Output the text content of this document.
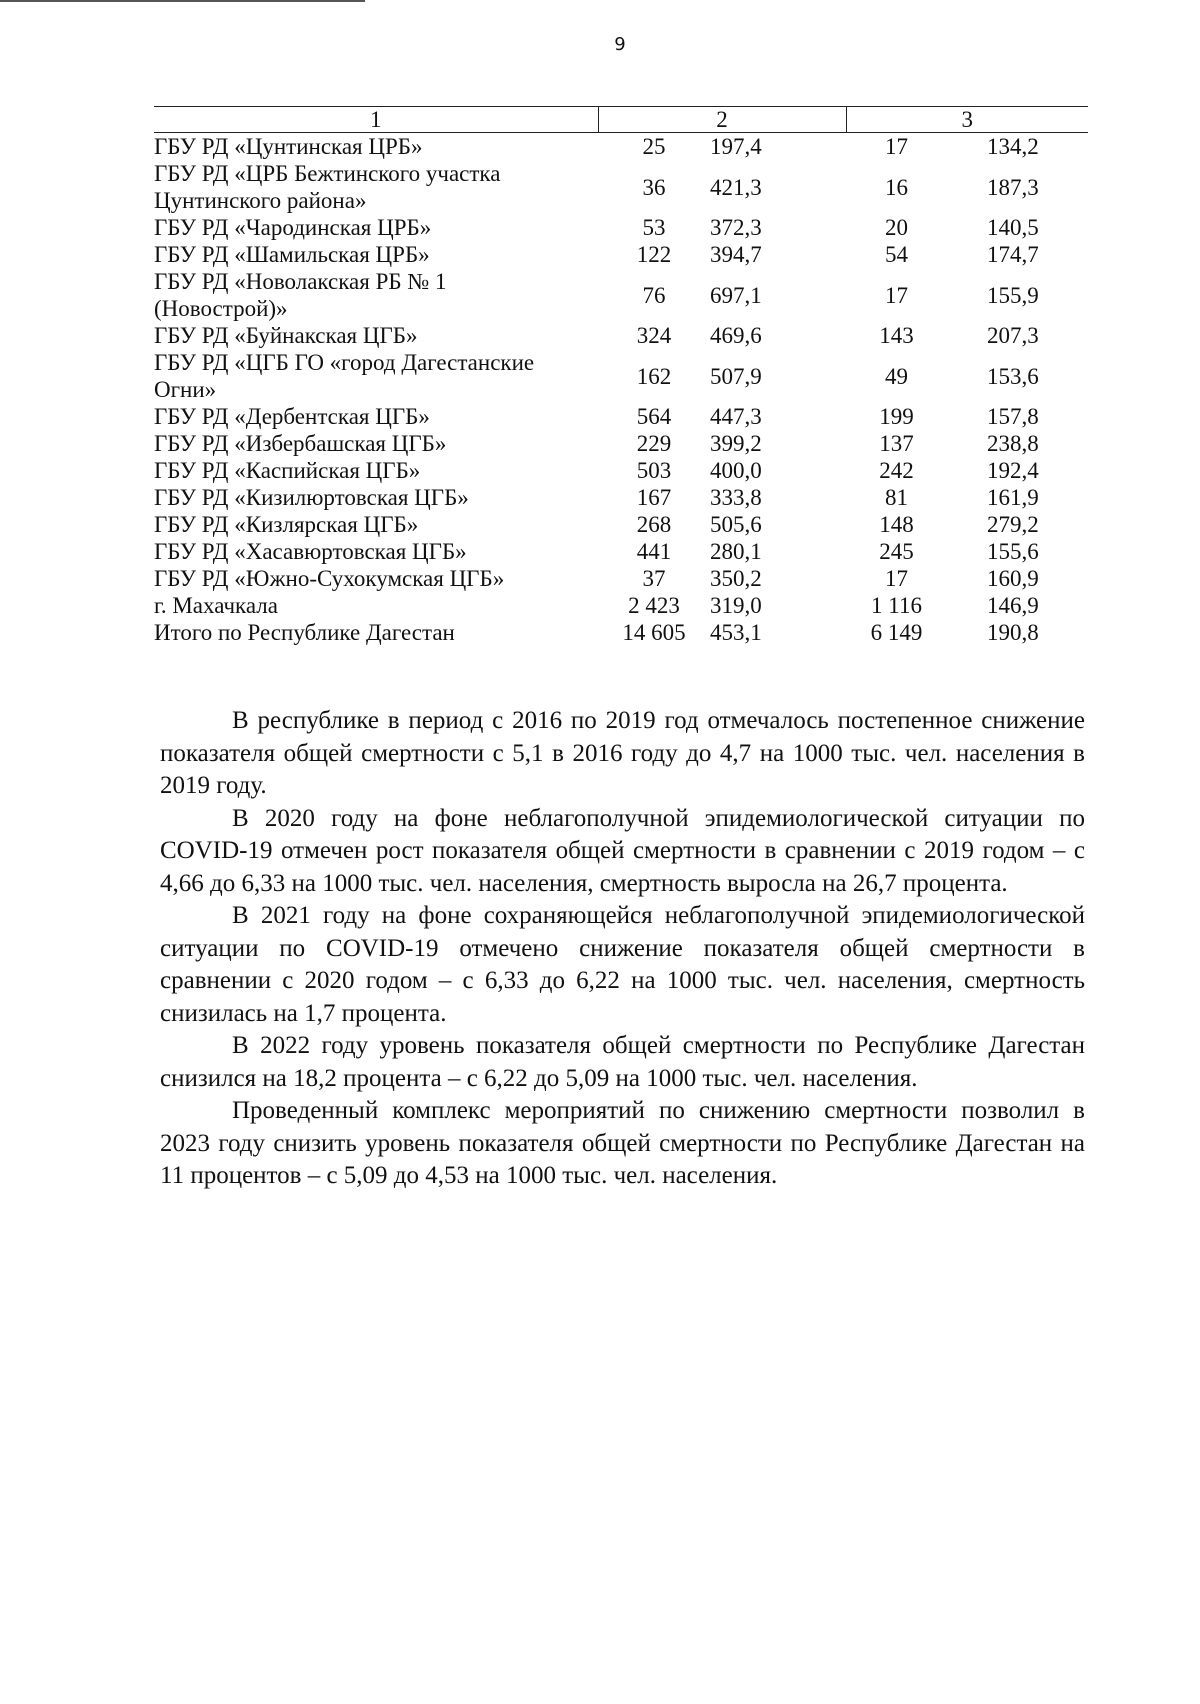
9
1	2		3	
ГБУ РД «Цунтинская ЦРБ»	25	197,4	17	134,2
ГБУ РД «ЦРБ Бежтинского участка Цунтинского района»	36	421,3	16	187,3
ГБУ РД «Чародинская ЦРБ»	53	372,3	20	140,5
ГБУ РД «Шамильская ЦРБ»	122	394,7	54	174,7
ГБУ РД «Новолакская РБ № 1 (Новострой)»	76	697,1	17	155,9
ГБУ РД «Буйнакская ЦГБ»	324	469,6	143	207,3
ГБУ РД «ЦГБ ГО «город Дагестанские Огни»	162	507,9	49	153,6
ГБУ РД «Дербентская ЦГБ»	564	447,3	199	157,8
ГБУ РД «Избербашская ЦГБ»	229	399,2	137	238,8
ГБУ РД «Каспийская ЦГБ»	503	400,0	242	192,4
ГБУ РД «Кизилюртовская ЦГБ»	167	333,8	81	161,9
ГБУ РД «Кизлярская ЦГБ»	268	505,6	148	279,2
ГБУ РД «Хасавюртовская ЦГБ»	441	280,1	245	155,6
ГБУ РД «Южно-Сухокумская ЦГБ»	37	350,2	17	160,9
г. Махачкала	2 423	319,0	1 116	146,9
Итого по Республике Дагестан	14 605	453,1	6 149	190,8

В республике в период с 2016 по 2019 год отмечалось постепенное снижение показателя общей смертности с 5,1 в 2016 году до 4,7 на 1000 тыс. чел. населения в 2019 году.

В 2020 году на фоне неблагополучной эпидемиологической ситуации по COVID-19 отмечен рост показателя общей смертности в сравнении с 2019 годом – с 4,66 до 6,33 на 1000 тыс. чел. населения, смертность выросла на 26,7 процента.

В 2021 году на фоне сохраняющейся неблагополучной эпидемиологической ситуации по COVID-19 отмечено снижение показателя общей смертности в сравнении с 2020 годом – с 6,33 до 6,22 на 1000 тыс. чел. населения, смертность снизилась на 1,7 процента.

В 2022 году уровень показателя общей смертности по Республике Дагестан снизился на 18,2 процента – с 6,22 до 5,09 на 1000 тыс. чел. населения.

Проведенный комплекс мероприятий по снижению смертности позволил в 2023 году снизить уровень показателя общей смертности по Республике Дагестан на 11 процентов – с 5,09 до 4,53 на 1000 тыс. чел. населения.
